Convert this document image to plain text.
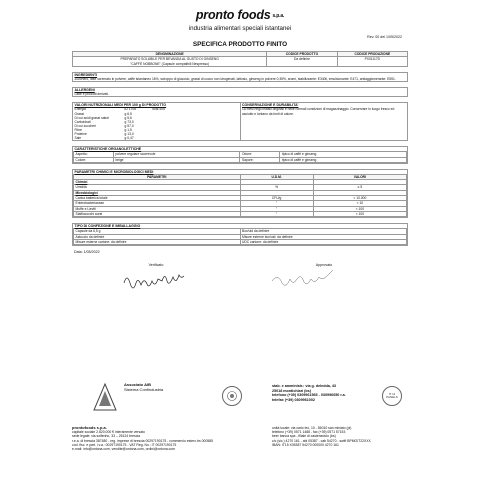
pronto foods s.p.a.
industria alimentari speciali istantanei
Rev. 00 del 1/05/2022
SPECIFICA PRODOTTO FINITO
DENOMINAZIONE	CODICE PRODOTTO	CODICE PRODUZIONE

PREPARATO SOLUBILE PER BEVANDA AL GUSTO DI GINSENG
"CAFFÈ NOBBONE" (Capsule compatibili Nespresso)	Da definire	PX01117D
INGREDIENTI
Zucchero, latte scremato in polvere, caffè istantaneo 16%, sciroppo di glucosio, grassi di cocco non idrogenati, lattosio, ginseng in polvere 0,35%, aromi, stabilizzante: E340ii, emulsionante: E471, antiagglomerante: E551.
ALLERGENI
Latte e prodotti derivati.
VALORI NUTRIZIONALI MEDI PER 100 g DI PRODOTTO
Energia	kJ 1706	kcal 405
Grassi	g 6,5
Di cui acidi grassi saturi	g 5,6
Carboidrati	g 73,0
Di cui zuccheri	g 57,0
Fibre	g 1,5
Proteine	g 13,0
Sale	g 0,47
CONSERVAZIONE E DURABILITA'
18 mesi negli imballi originali e nelle normali condizioni di magazzinaggio. Conservare in luogo fresco ed asciutto e lontano da fonti di calore.
CARATTERISTICHE ORGANOLETTICHE
Aspetto:	polvere regolare scorrevole	Odore:	tipico di caffè e ginseng
Colore:	beige	Sapore:	tipico di caffè e ginseng
PARAMETRI CHIMICI E MICROBIOLOGICI MEDI
PARAMETRI	U.D.M.	VALORI
Chimici		
Umidità	%	≤ 5
Microbiologici		
Carica batterica totale	CFU/g	< 10.000
Enterobacteriaceae	"	< 10
Muffe e Lieviti	"	< 100
Stafilococchi aurei	"	< 100
TIPO DI CONFEZIONE E IMBALLAGGIO
Capsule da 6,5 g	Box/uid da definire
Astuccio da definire	Misure esterne box/uid: da definire
Misure esterne cartone: da definire	UDC cartone: da definire
Data: 1/05/2022
Verificato	Approvato
Associato AIB
Sistema Confindustria
IT 11 PANELS
stab. e amministr.: via g. deledda, 43
25018 montichiari (bs)
telefono (+39) 0309961565 - 030996650 r.a.
telefax (+39) 0309961002
prontofoods s.p.a.
capitale sociale 2.820.000 € interamente versato
sede legale: via solferino, 33 – 25124 brescia
r.e.a. di brescia 387480 - reg. imprese di brescia 00297190175 - commercio estero bs 000585
cod. fisc. e part. i.v.a.: 00297190175 - VAT Reg. No.: IT 00297190175
e-mail: info@ontona.com, vendite@ontona.com, ordini@ontona.com
unità locale: via carlo leo, 10 - 56010 san miniato (pi)
telefono (+39) 0571 1488 - fax (+39) 0571 57153
beer banca spa - filiale di castenedolo (bs)
c/c (sic.) 4270 161 - abi 05387 - cab 54270 - swift BPMOIT22XXX
IBAN: IT15 X05387 54270 000000 4270 161
